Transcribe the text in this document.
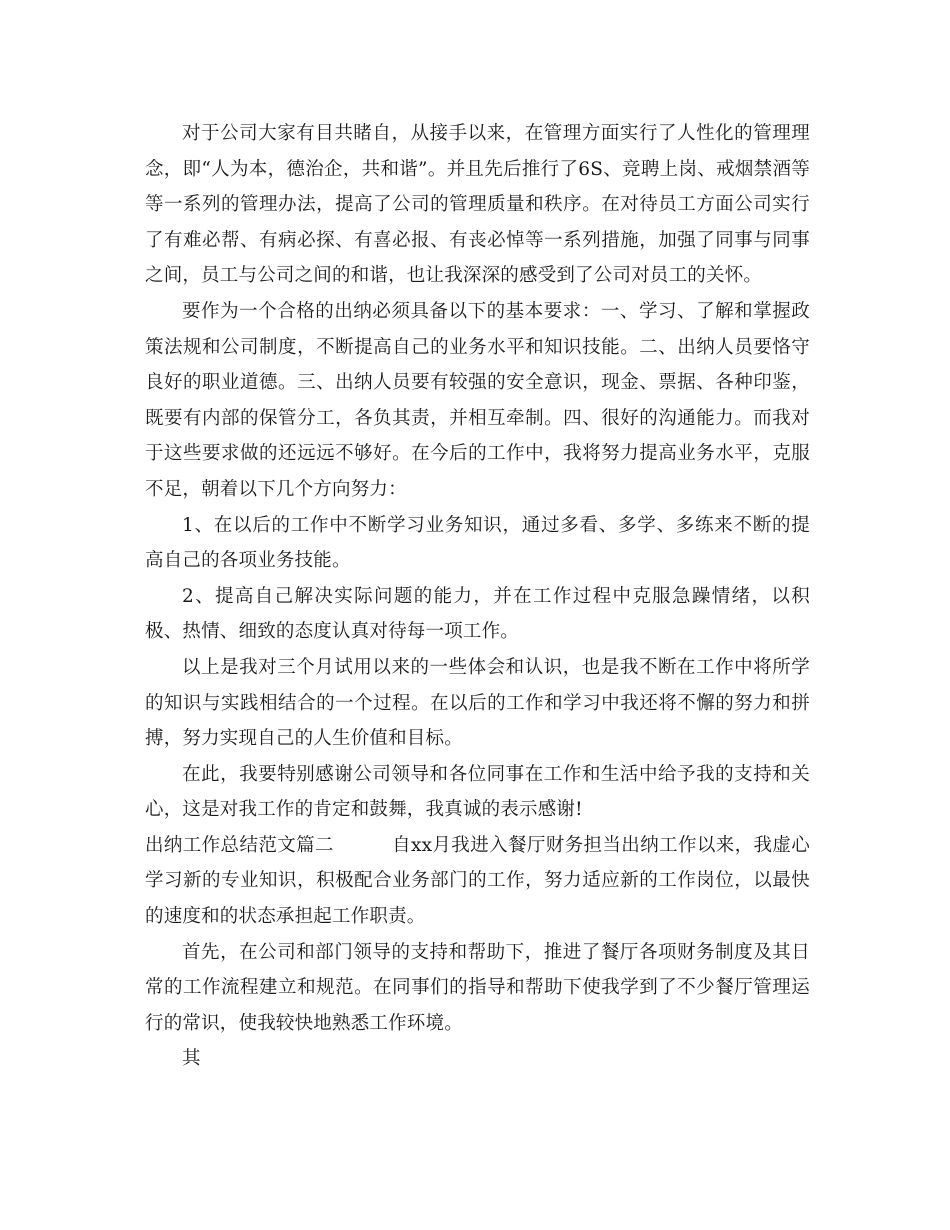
对于公司大家有目共睹自，从接手以来，在管理方面实行了人性化的管理理念，即“人为本，德治企，共和谐”。并且先后推行了6S、竞聘上岗、戒烟禁酒等等一系列的管理办法，提高了公司的管理质量和秩序。在对待员工方面公司实行了有难必帮、有病必探、有喜必报、有丧必悼等一系列措施，加强了同事与同事之间，员工与公司之间的和谐，也让我深深的感受到了公司对员工的关怀。

要作为一个合格的出纳必须具备以下的基本要求：一、学习、了解和掌握政策法规和公司制度，不断提高自己的业务水平和知识技能。二、出纳人员要恪守良好的职业道德。三、出纳人员要有较强的安全意识，现金、票据、各种印鉴，既要有内部的保管分工，各负其责，并相互牵制。四、很好的沟通能力。而我对于这些要求做的还远远不够好。在今后的工作中，我将努力提高业务水平，克服不足，朝着以下几个方向努力：

1、在以后的工作中不断学习业务知识，通过多看、多学、多练来不断的提高自己的各项业务技能。

2、提高自己解决实际问题的能力，并在工作过程中克服急躁情绪，以积极、热情、细致的态度认真对待每一项工作。

以上是我对三个月试用以来的一些体会和认识，也是我不断在工作中将所学的知识与实践相结合的一个过程。在以后的工作和学习中我还将不懈的努力和拼搏，努力实现自己的人生价值和目标。

在此，我要特别感谢公司领导和各位同事在工作和生活中给予我的支持和关心，这是对我工作的肯定和鼓舞，我真诚的表示感谢!

出纳工作总结范文篇二	自xx月我进入餐厅财务担当出纳工作以来，我虚心学习新的专业知识，积极配合业务部门的工作，努力适应新的工作岗位，以最快的速度和的状态承担起工作职责。

首先，在公司和部门领导的支持和帮助下，推进了餐厅各项财务制度及其日常的工作流程建立和规范。在同事们的指导和帮助下使我学到了不少餐厅管理运行的常识，使我较快地熟悉工作环境。

其
